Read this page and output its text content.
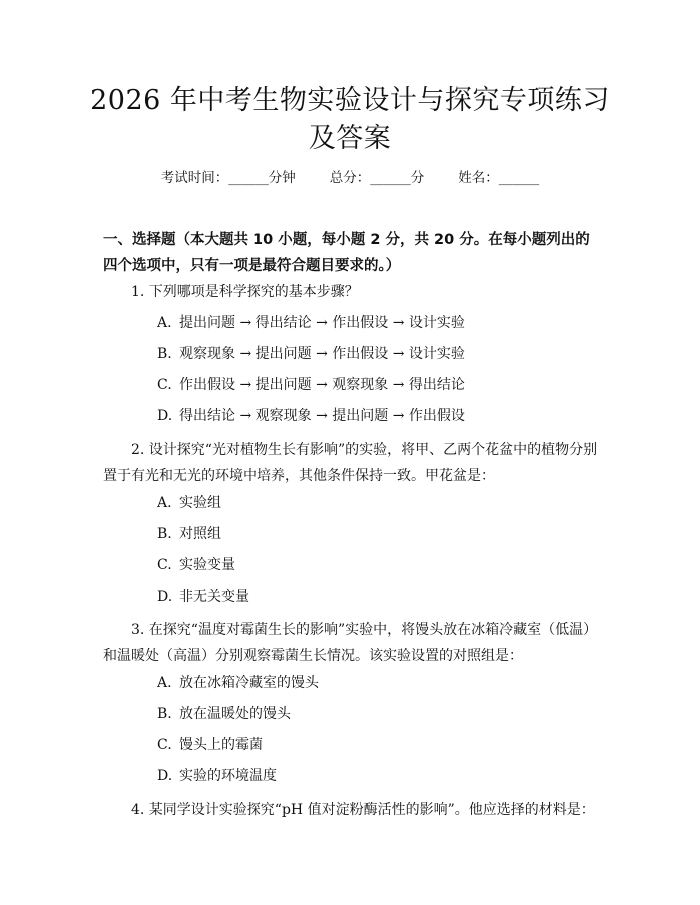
2026 年中考生物实验设计与探究专项练习及答案
考试时间：______分钟	总分：______分	姓名：______

一、选择题（本大题共 10 小题，每小题 2 分，共 20 分。在每小题列出的四个选项中，只有一项是最符合题目要求的。）

1. 下列哪项是科学探究的基本步骤？

A. 提出问题 → 得出结论 → 作出假设 → 设计实验

B. 观察现象 → 提出问题 → 作出假设 → 设计实验

C. 作出假设 → 提出问题 → 观察现象 → 得出结论

D. 得出结论 → 观察现象 → 提出问题 → 作出假设

2. 设计探究“光对植物生长有影响”的实验，将甲、乙两个花盆中的植物分别置于有光和无光的环境中培养，其他条件保持一致。甲花盆是：

A. 实验组

B. 对照组

C. 实验变量

D. 非无关变量

3. 在探究“温度对霉菌生长的影响”实验中，将馒头放在冰箱冷藏室（低温）和温暖处（高温）分别观察霉菌生长情况。该实验设置的对照组是：

A. 放在冰箱冷藏室的馒头

B. 放在温暖处的馒头

C. 馒头上的霉菌

D. 实验的环境温度

4. 某同学设计实验探究“pH 值对淀粉酶活性的影响”。他应选择的材料是：
